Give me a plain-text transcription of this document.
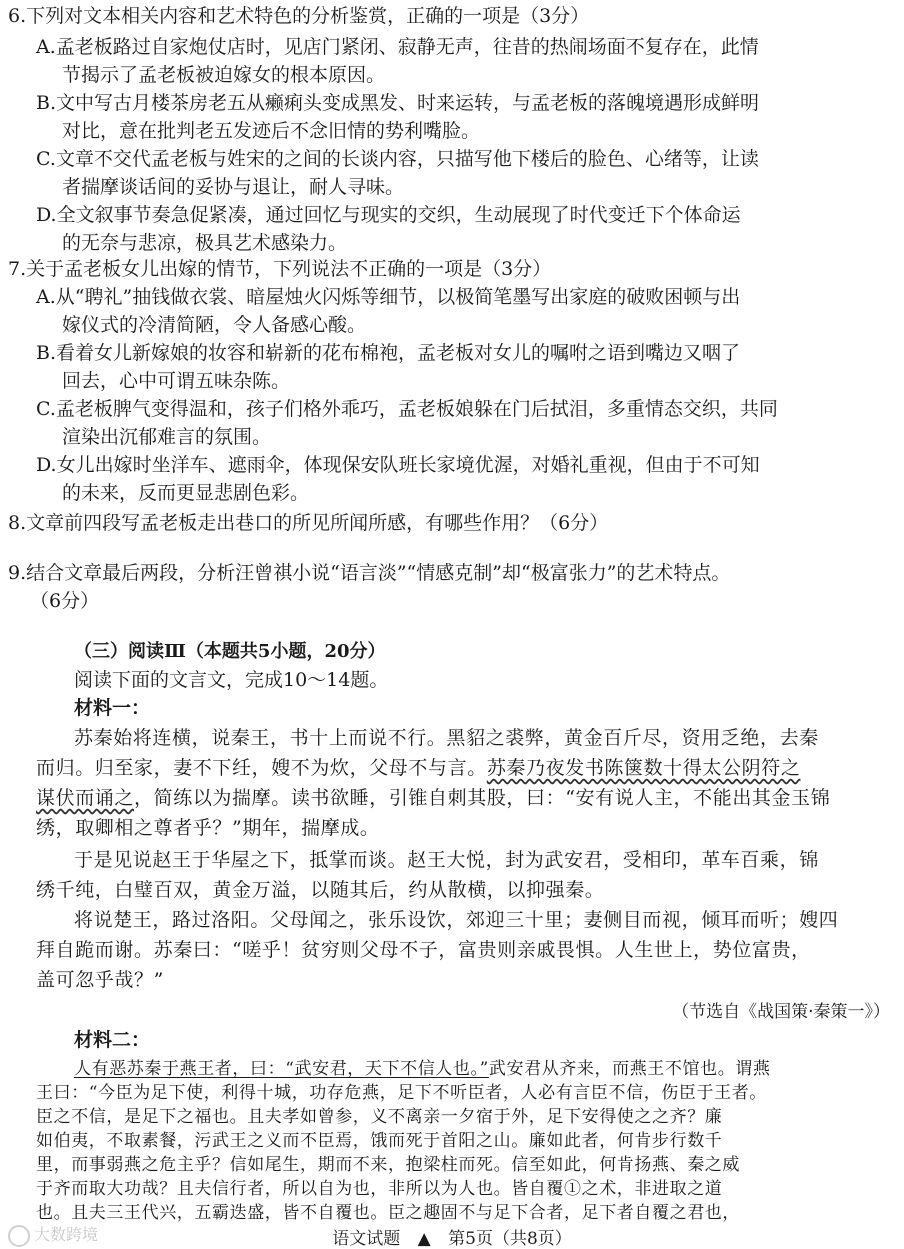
6.下列对文本相关内容和艺术特色的分析鉴赏，正确的一项是（3分）
A.孟老板路过自家炮仗店时，见店门紧闭、寂静无声，往昔的热闹场面不复存在，此情
节揭示了孟老板被迫嫁女的根本原因。
B.文中写古月楼茶房老五从癞痢头变成黑发、时来运转，与孟老板的落魄境遇形成鲜明
对比，意在批判老五发迹后不念旧情的势利嘴脸。
C.文章不交代孟老板与姓宋的之间的长谈内容，只描写他下楼后的脸色、心绪等，让读
者揣摩谈话间的妥协与退让，耐人寻味。
D.全文叙事节奏急促紧凑，通过回忆与现实的交织，生动展现了时代变迁下个体命运
的无奈与悲凉，极具艺术感染力。
7.关于孟老板女儿出嫁的情节，下列说法不正确的一项是（3分）
A.从“聘礼”抽钱做衣裳、暗屋烛火闪烁等细节，以极简笔墨写出家庭的破败困顿与出
嫁仪式的冷清简陋，令人备感心酸。
B.看着女儿新嫁娘的妆容和崭新的花布棉袍，孟老板对女儿的嘱咐之语到嘴边又咽了
回去，心中可谓五味杂陈。
C.孟老板脾气变得温和，孩子们格外乖巧，孟老板娘躲在门后拭泪，多重情态交织，共同
渲染出沉郁难言的氛围。
D.女儿出嫁时坐洋车、遮雨伞，体现保安队班长家境优渥，对婚礼重视，但由于不可知
的未来，反而更显悲剧色彩。
8.文章前四段写孟老板走出巷口的所见所闻所感，有哪些作用？（6分）
9.结合文章最后两段，分析汪曾祺小说“语言淡”“情感克制”却“极富张力”的艺术特点。
（6分）
（三）阅读Ⅲ（本题共5小题，20分）
阅读下面的文言文，完成10～14题。
材料一：
苏秦始将连横，说秦王，书十上而说不行。黑貂之裘弊，黄金百斤尽，资用乏绝，去秦
而归。归至家，妻不下纴，嫂不为炊，父母不与言。苏秦乃夜发书陈箧数十得太公阴符之
谋伏而诵之，简练以为揣摩。读书欲睡，引锥自刺其股，曰：“安有说人主，不能出其金玉锦
绣，取卿相之尊者乎？”期年，揣摩成。
于是见说赵王于华屋之下，抵掌而谈。赵王大悦，封为武安君，受相印，革车百乘，锦
绣千纯，白璧百双，黄金万溢，以随其后，约从散横，以抑强秦。
将说楚王，路过洛阳。父母闻之，张乐设饮，郊迎三十里；妻侧目而视，倾耳而听；嫂四
拜自跪而谢。苏秦曰：“嗟乎！贫穷则父母不子，富贵则亲戚畏惧。人生世上，势位富贵，
盖可忽乎哉？”
（节选自《战国策·秦策一》）
材料二：
人有恶苏秦于燕王者，曰：“武安君，天下不信人也。”武安君从齐来，而燕王不馆也。谓燕
王曰：“今臣为足下使，利得十城，功存危燕，足下不听臣者，人必有言臣不信，伤臣于王者。
臣之不信，是足下之福也。且夫孝如曾参，义不离亲一夕宿于外，足下安得使之之齐？廉
如伯夷，不取素餐，污武王之义而不臣焉，饿而死于首阳之山。廉如此者，何肯步行数千
里，而事弱燕之危主乎？信如尾生，期而不来，抱梁柱而死。信至如此，何肯扬燕、秦之威
语文试题 ▲ 第5页（共8页）
大数跨境
于齐而取大功哉？且夫信行者，所以自为也，非所以为人也。皆自覆①之术，非进取之道
也。且夫三王代兴，五霸迭盛，皆不自覆也。臣之趣固不与足下合者，足下者自覆之君也，
